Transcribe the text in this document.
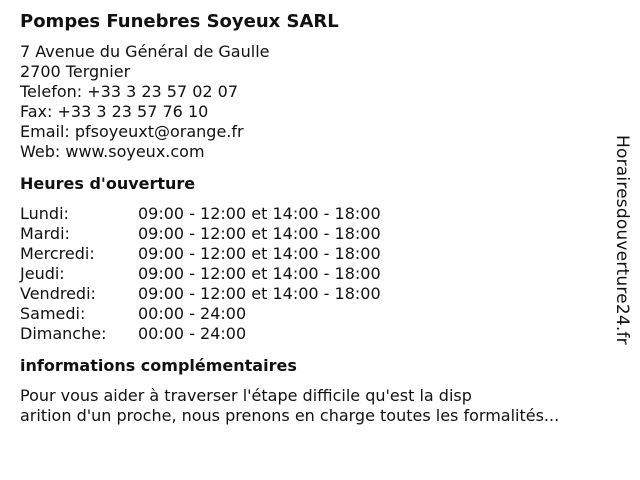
Pompes Funebres Soyeux SARL
7 Avenue du Général de Gaulle
2700 Tergnier
Telefon: +33 3 23 57 02 07
Fax: +33 3 23 57 76 10
Email: pfsoyeuxt@orange.fr
Web: www.soyeux.com
Heures d'ouverture
Lundi:	09:00 - 12:00 et 14:00 - 18:00
Mardi:	09:00 - 12:00 et 14:00 - 18:00
Mercredi:	09:00 - 12:00 et 14:00 - 18:00
Jeudi:	09:00 - 12:00 et 14:00 - 18:00
Vendredi:	09:00 - 12:00 et 14:00 - 18:00
Samedi:	00:00 - 24:00
Dimanche:	00:00 - 24:00
informations complémentaires
Pour vous aider à traverser l'étape difficile qu'est la disp
arition d'un proche, nous prenons en charge toutes les formalités...
Horairesdouverture24.fr
